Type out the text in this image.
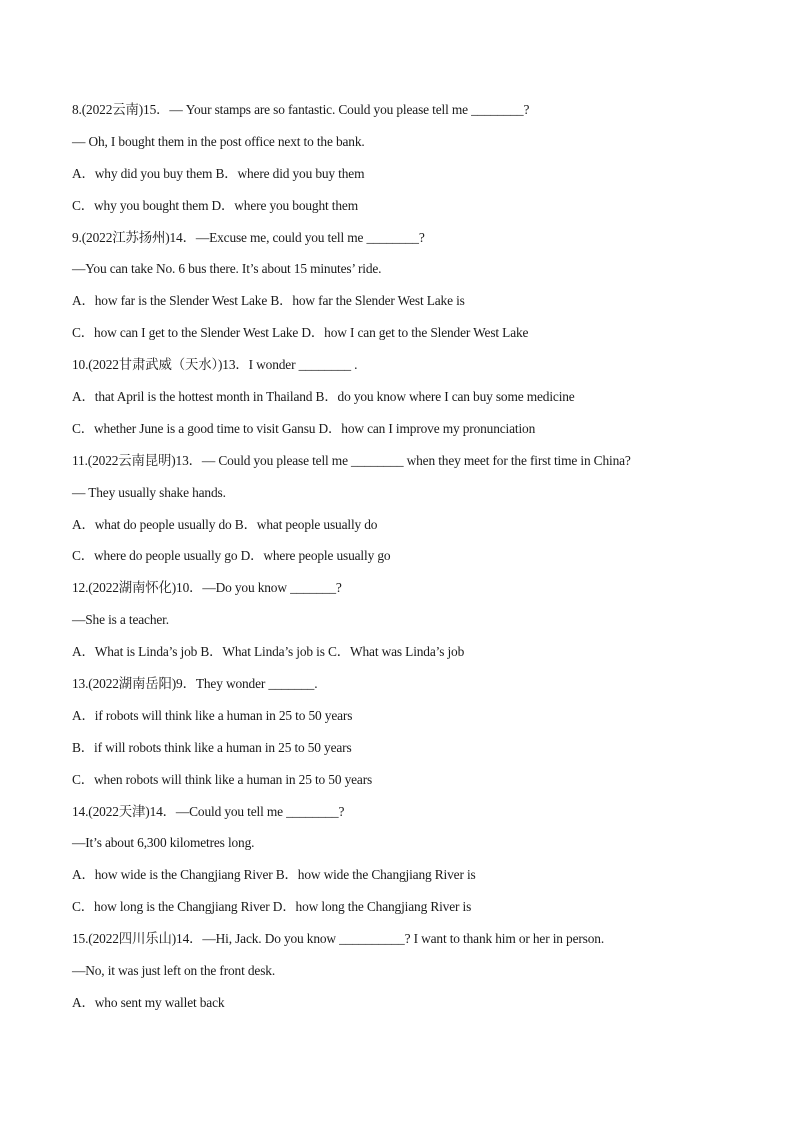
8.(2022云南)15．— Your stamps are so fantastic. Could you please tell me ________?
— Oh, I bought them in the post office next to the bank.
A．why did you buy them B．where did you buy them
C．why you bought them D．where you bought them
9.(2022江苏扬州)14．—Excuse me, could you tell me ________?
—You can take No. 6 bus there. It’s about 15 minutes’ ride.
A．how far is the Slender West Lake B．how far the Slender West Lake is
C．how can I get to the Slender West Lake D．how I can get to the Slender West Lake
10.(2022甘肃武威（天水）)13．I wonder ________ .
A．that April is the hottest month in Thailand B．do you know where I can buy some medicine
C．whether June is a good time to visit Gansu D．how can I improve my pronunciation
11.(2022云南昆明)13．— Could you please tell me ________ when they meet for the first time in China?
— They usually shake hands.
A．what do people usually do B．what people usually do
C．where do people usually go D．where people usually go
12.(2022湖南怀化)10．—Do you know _______?
—She is a teacher.
A．What is Linda’s job B．What Linda’s job is C．What was Linda’s job
13.(2022湖南岳阳)9．They wonder _______.
A．if robots will think like a human in 25 to 50 years
B．if will robots think like a human in 25 to 50 years
C．when robots will think like a human in 25 to 50 years
14.(2022天津)14．—Could you tell me ________?
—It’s about 6,300 kilometres long.
A．how wide is the Changjiang River B．how wide the Changjiang River is
C．how long is the Changjiang River D．how long the Changjiang River is
15.(2022四川乐山)14．—Hi, Jack. Do you know __________? I want to thank him or her in person.
—No, it was just left on the front desk.
A．who sent my wallet back
